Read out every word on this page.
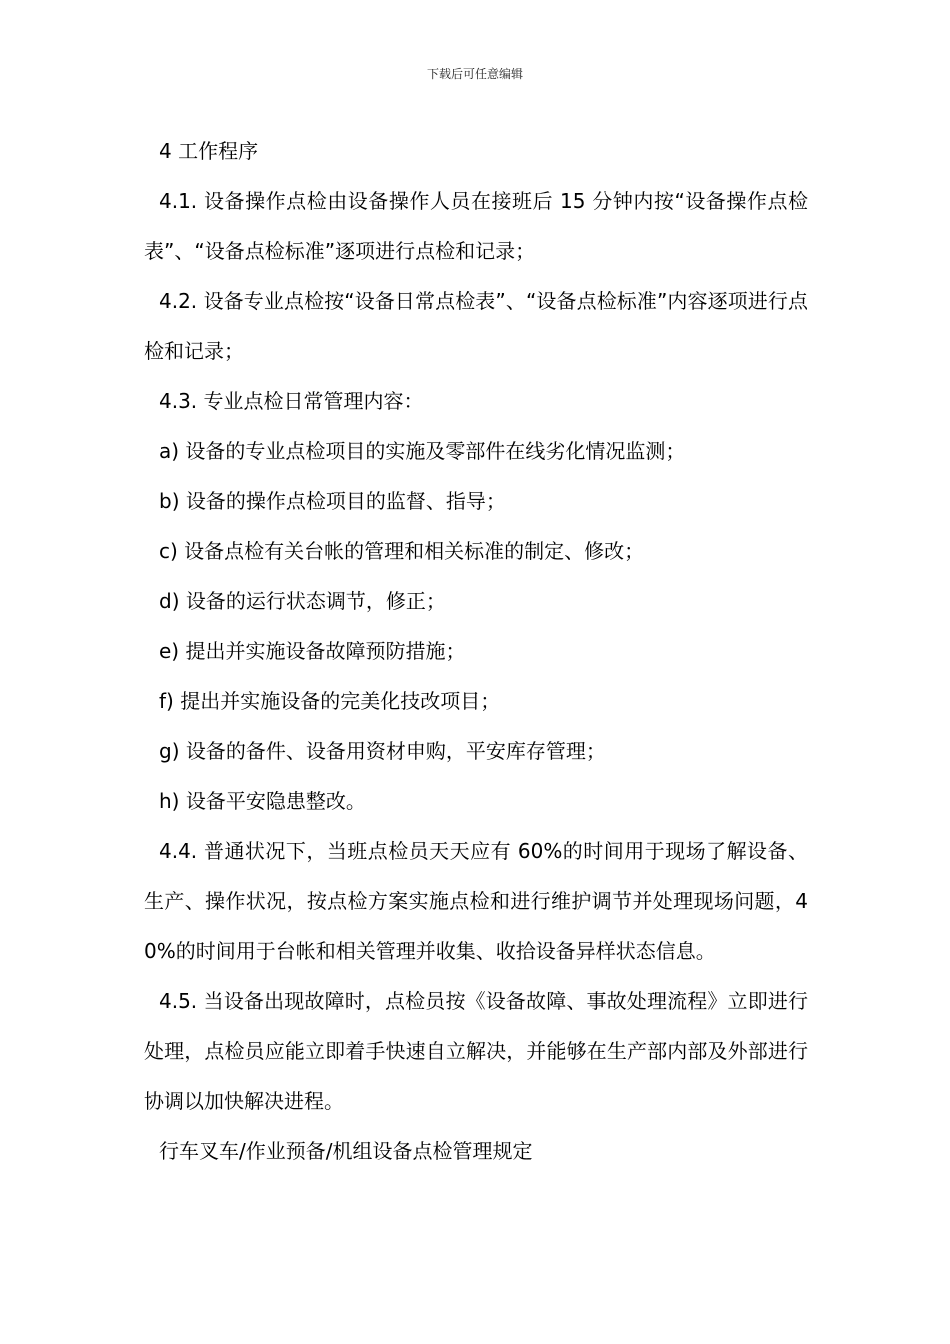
下载后可任意编辑

4 工作程序

4.1. 设备操作点检由设备操作人员在接班后 15 分钟内按“设备操作点检表”、“设备点检标准”逐项进行点检和记录；

4.2. 设备专业点检按“设备日常点检表”、“设备点检标准”内容逐项进行点检和记录；

4.3. 专业点检日常管理内容：

a) 设备的专业点检项目的实施及零部件在线劣化情况监测；

b) 设备的操作点检项目的监督、指导；

c) 设备点检有关台帐的管理和相关标准的制定、修改；

d) 设备的运行状态调节，修正；

e) 提出并实施设备故障预防措施；

f) 提出并实施设备的完美化技改项目；

g) 设备的备件、设备用资材申购，平安库存管理；

h) 设备平安隐患整改。

4.4. 普通状况下，当班点检员天天应有 60%的时间用于现场了解设备、生产、操作状况，按点检方案实施点检和进行维护调节并处理现场问题，40%的时间用于台帐和相关管理并收集、收拾设备异样状态信息。

4.5. 当设备出现故障时，点检员按《设备故障、事故处理流程》立即进行处理，点检员应能立即着手快速自立解决，并能够在生产部内部及外部进行协调以加快解决进程。

行车叉车/作业预备/机组设备点检管理规定
